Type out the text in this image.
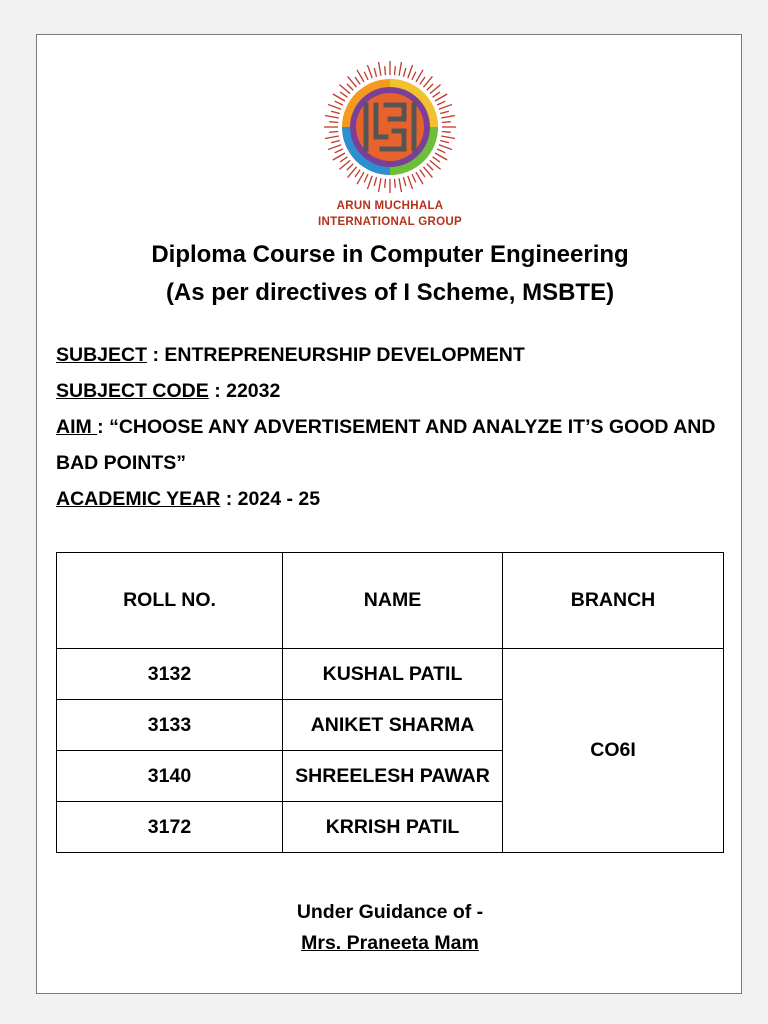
ARUN MUCHHALA
INTERNATIONAL GROUP
Diploma Course in Computer Engineering
(As per directives of I Scheme, MSBTE)
SUBJECT : ENTREPRENEURSHIP DEVELOPMENT
SUBJECT CODE : 22032
AIM : “CHOOSE ANY ADVERTISEMENT AND ANALYZE IT’S GOOD AND BAD POINTS”
ACADEMIC YEAR : 2024 - 25
ROLL NO.	NAME	BRANCH
3132	KUSHAL PATIL	CO6I
3133	ANIKET SHARMA	
3140	SHREELESH PAWAR	
3172	KRRISH PATIL	
Under Guidance of -
Mrs. Praneeta Mam
